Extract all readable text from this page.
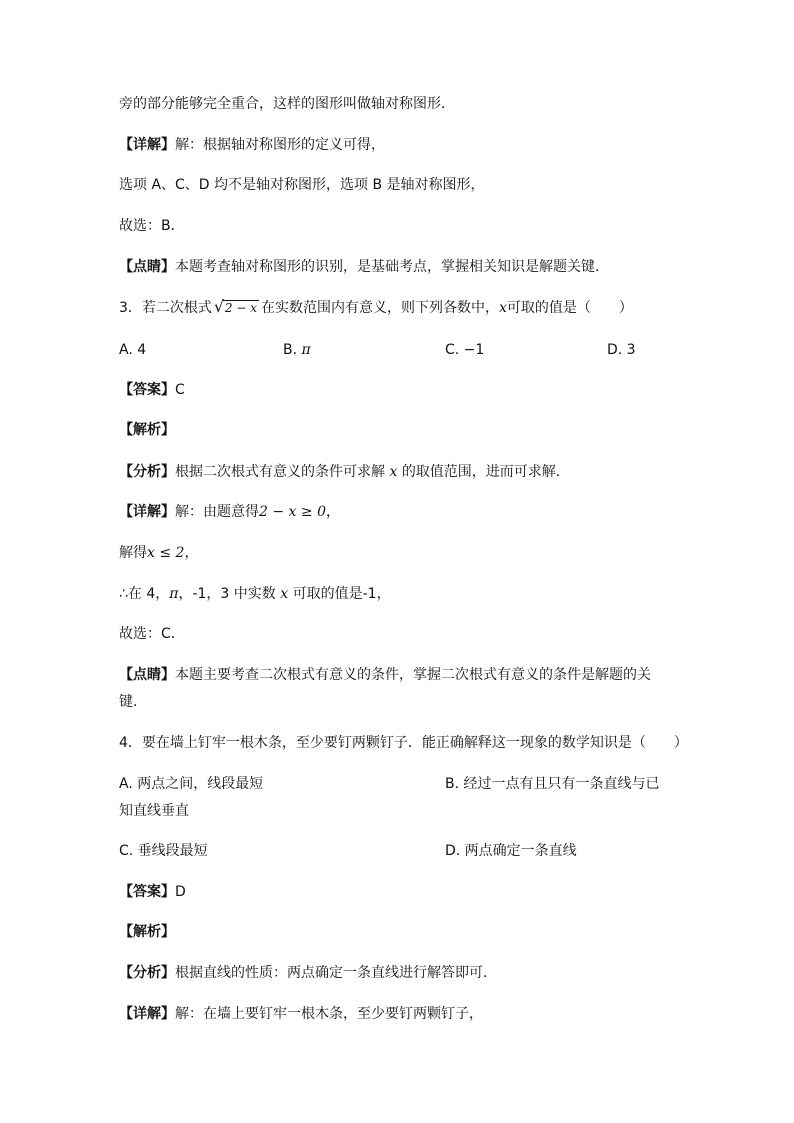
旁的部分能够完全重合，这样的图形叫做轴对称图形．
【详解】解：根据轴对称图形的定义可得，
选项 A、C、D 均不是轴对称图形，选项 B 是轴对称图形，
故选：B．
【点睛】本题考查轴对称图形的识别，是基础考点，掌握相关知识是解题关键．
3．若二次根式 √ 2 − x 在实数范围内有意义，则下列各数中，x可取的值是（　　）
A. 4	B. π	C. −1	D. 3
【答案】C
【解析】
【分析】根据二次根式有意义的条件可求解 x 的取值范围，进而可求解．
【详解】解：由题意得2 − x ≥ 0，
解得x ≤ 2，
∴在 4，π，-1，3 中实数 x 可取的值是-1，
故选：C．
【点睛】本题主要考查二次根式有意义的条件，掌握二次根式有意义的条件是解题的关
键．
4．要在墙上钉牢一根木条，至少要钉两颗钉子．能正确解释这一现象的数学知识是（　　）
A. 两点之间，线段最短	B. 经过一点有且只有一条直线与已
知直线垂直
C. 垂线段最短	D. 两点确定一条直线
【答案】D
【解析】
【分析】根据直线的性质：两点确定一条直线进行解答即可．
【详解】解：在墙上要钉牢一根木条，至少要钉两颗钉子，
